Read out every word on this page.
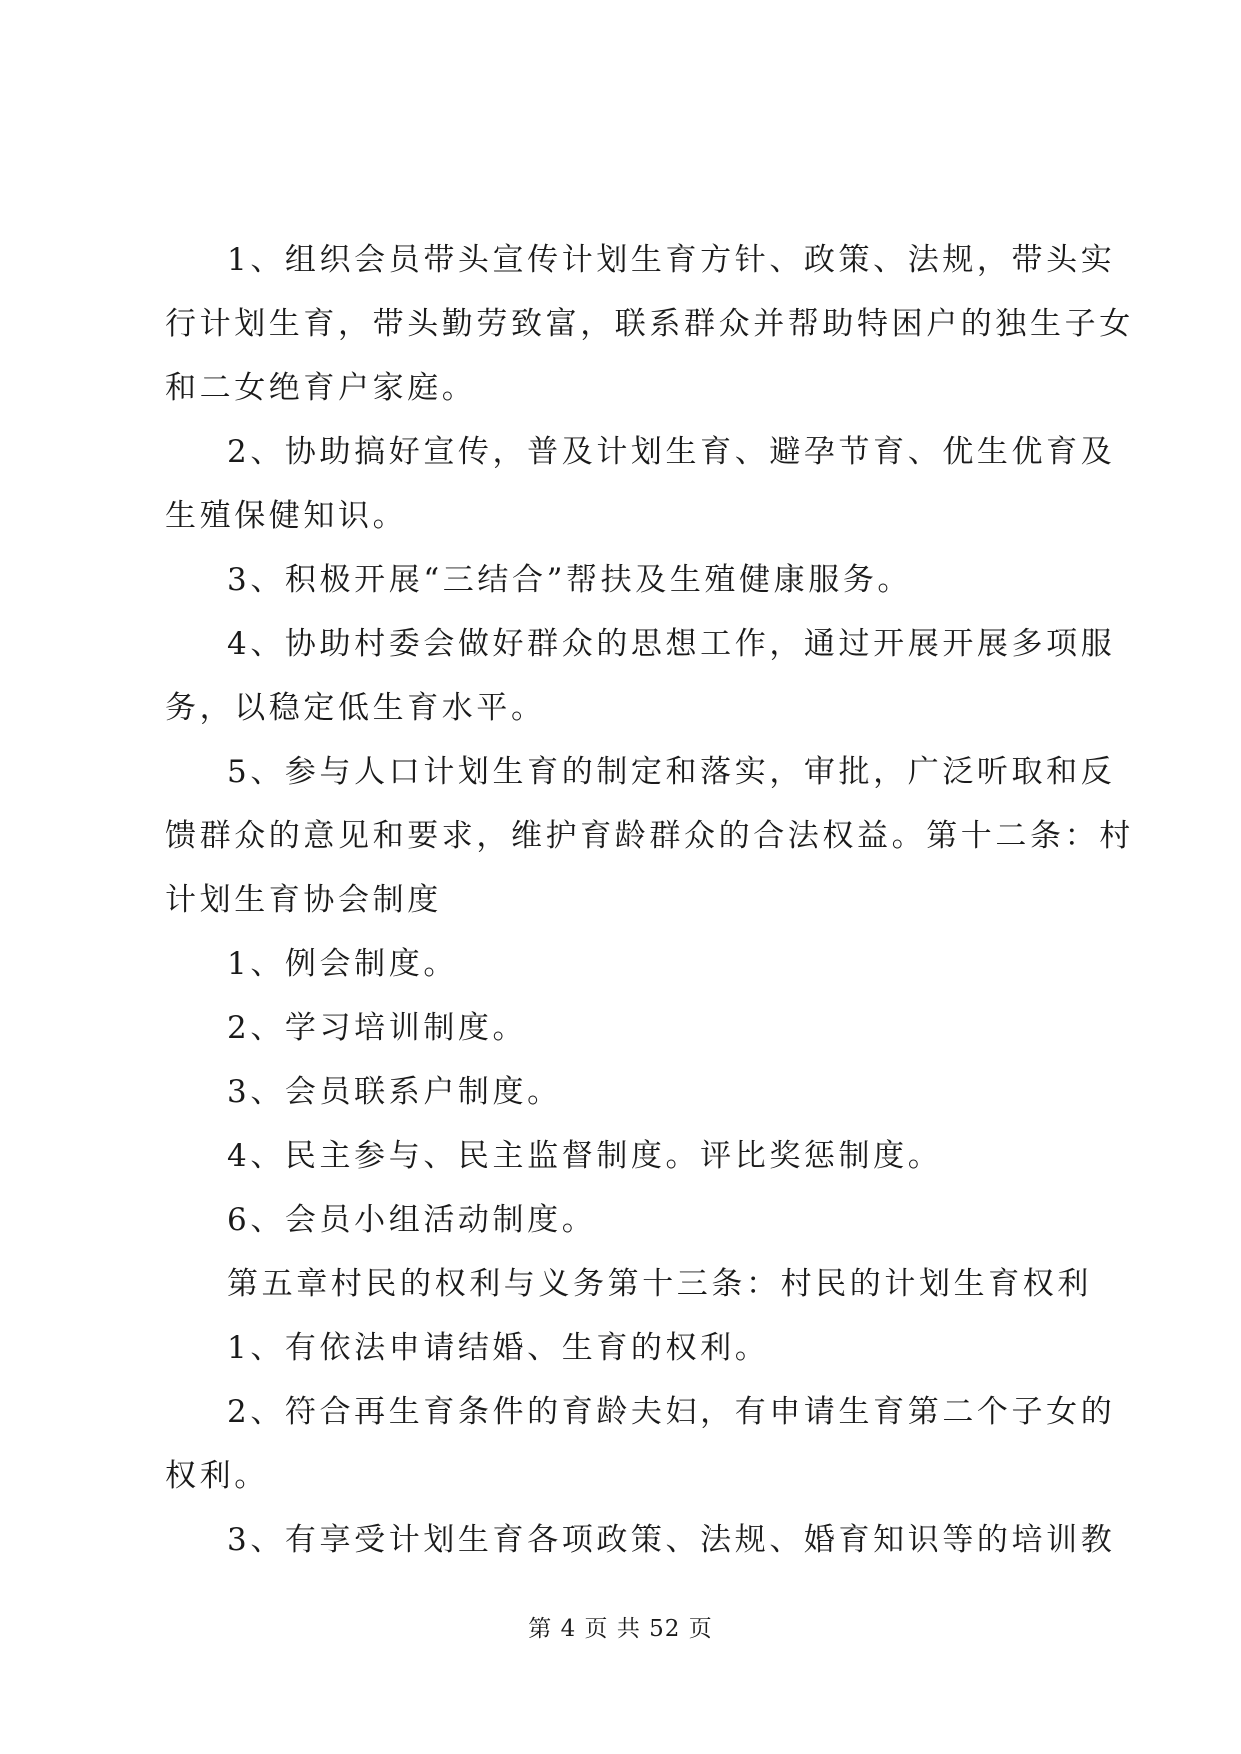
1、组织会员带头宣传计划生育方针、政策、法规，带头实
行计划生育，带头勤劳致富，联系群众并帮助特困户的独生子女
和二女绝育户家庭。
2、协助搞好宣传，普及计划生育、避孕节育、优生优育及
生殖保健知识。
3、积极开展“三结合”帮扶及生殖健康服务。
4、协助村委会做好群众的思想工作，通过开展开展多项服
务，以稳定低生育水平。
5、参与人口计划生育的制定和落实，审批，广泛听取和反
馈群众的意见和要求，维护育龄群众的合法权益。第十二条：村
计划生育协会制度
1、例会制度。
2、学习培训制度。
3、会员联系户制度。
4、民主参与、民主监督制度。评比奖惩制度。
6、会员小组活动制度。
第五章村民的权利与义务第十三条：村民的计划生育权利
1、有依法申请结婚、生育的权利。
2、符合再生育条件的育龄夫妇，有申请生育第二个子女的
权利。
3、有享受计划生育各项政策、法规、婚育知识等的培训教
第 4 页 共 52 页
